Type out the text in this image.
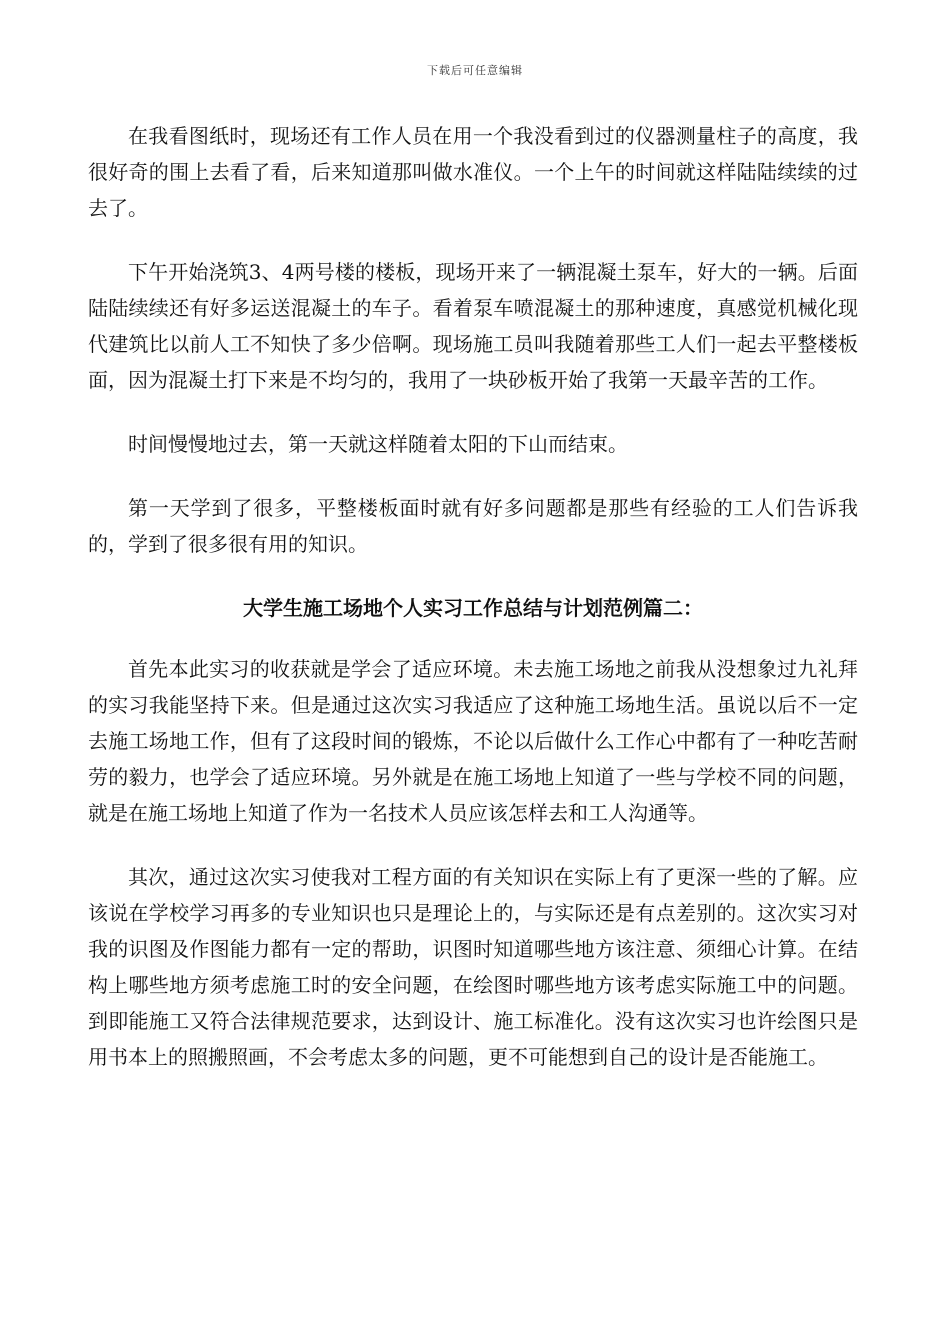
下载后可任意编辑

在我看图纸时，现场还有工作人员在用一个我没看到过的仪器测量柱子的高度，我很好奇的围上去看了看，后来知道那叫做水准仪。一个上午的时间就这样陆陆续续的过去了。

下午开始浇筑3、4两号楼的楼板，现场开来了一辆混凝土泵车，好大的一辆。后面陆陆续续还有好多运送混凝土的车子。看着泵车喷混凝土的那种速度，真感觉机械化现代建筑比以前人工不知快了多少倍啊。现场施工员叫我随着那些工人们一起去平整楼板面，因为混凝土打下来是不均匀的，我用了一块砂板开始了我第一天最辛苦的工作。

时间慢慢地过去，第一天就这样随着太阳的下山而结束。

第一天学到了很多，平整楼板面时就有好多问题都是那些有经验的工人们告诉我的，学到了很多很有用的知识。

大学生施工场地个人实习工作总结与计划范例篇二：

首先本此实习的收获就是学会了适应环境。未去施工场地之前我从没想象过九礼拜的实习我能坚持下来。但是通过这次实习我适应了这种施工场地生活。虽说以后不一定去施工场地工作，但有了这段时间的锻炼，不论以后做什么工作心中都有了一种吃苦耐劳的毅力，也学会了适应环境。另外就是在施工场地上知道了一些与学校不同的问题，就是在施工场地上知道了作为一名技术人员应该怎样去和工人沟通等。

其次，通过这次实习使我对工程方面的有关知识在实际上有了更深一些的了解。应该说在学校学习再多的专业知识也只是理论上的，与实际还是有点差别的。这次实习对我的识图及作图能力都有一定的帮助，识图时知道哪些地方该注意、须细心计算。在结构上哪些地方须考虑施工时的安全问题，在绘图时哪些地方该考虑实际施工中的问题。到即能施工又符合法律规范要求，达到设计、施工标准化。没有这次实习也许绘图只是用书本上的照搬照画，不会考虑太多的问题，更不可能想到自己的设计是否能施工。
